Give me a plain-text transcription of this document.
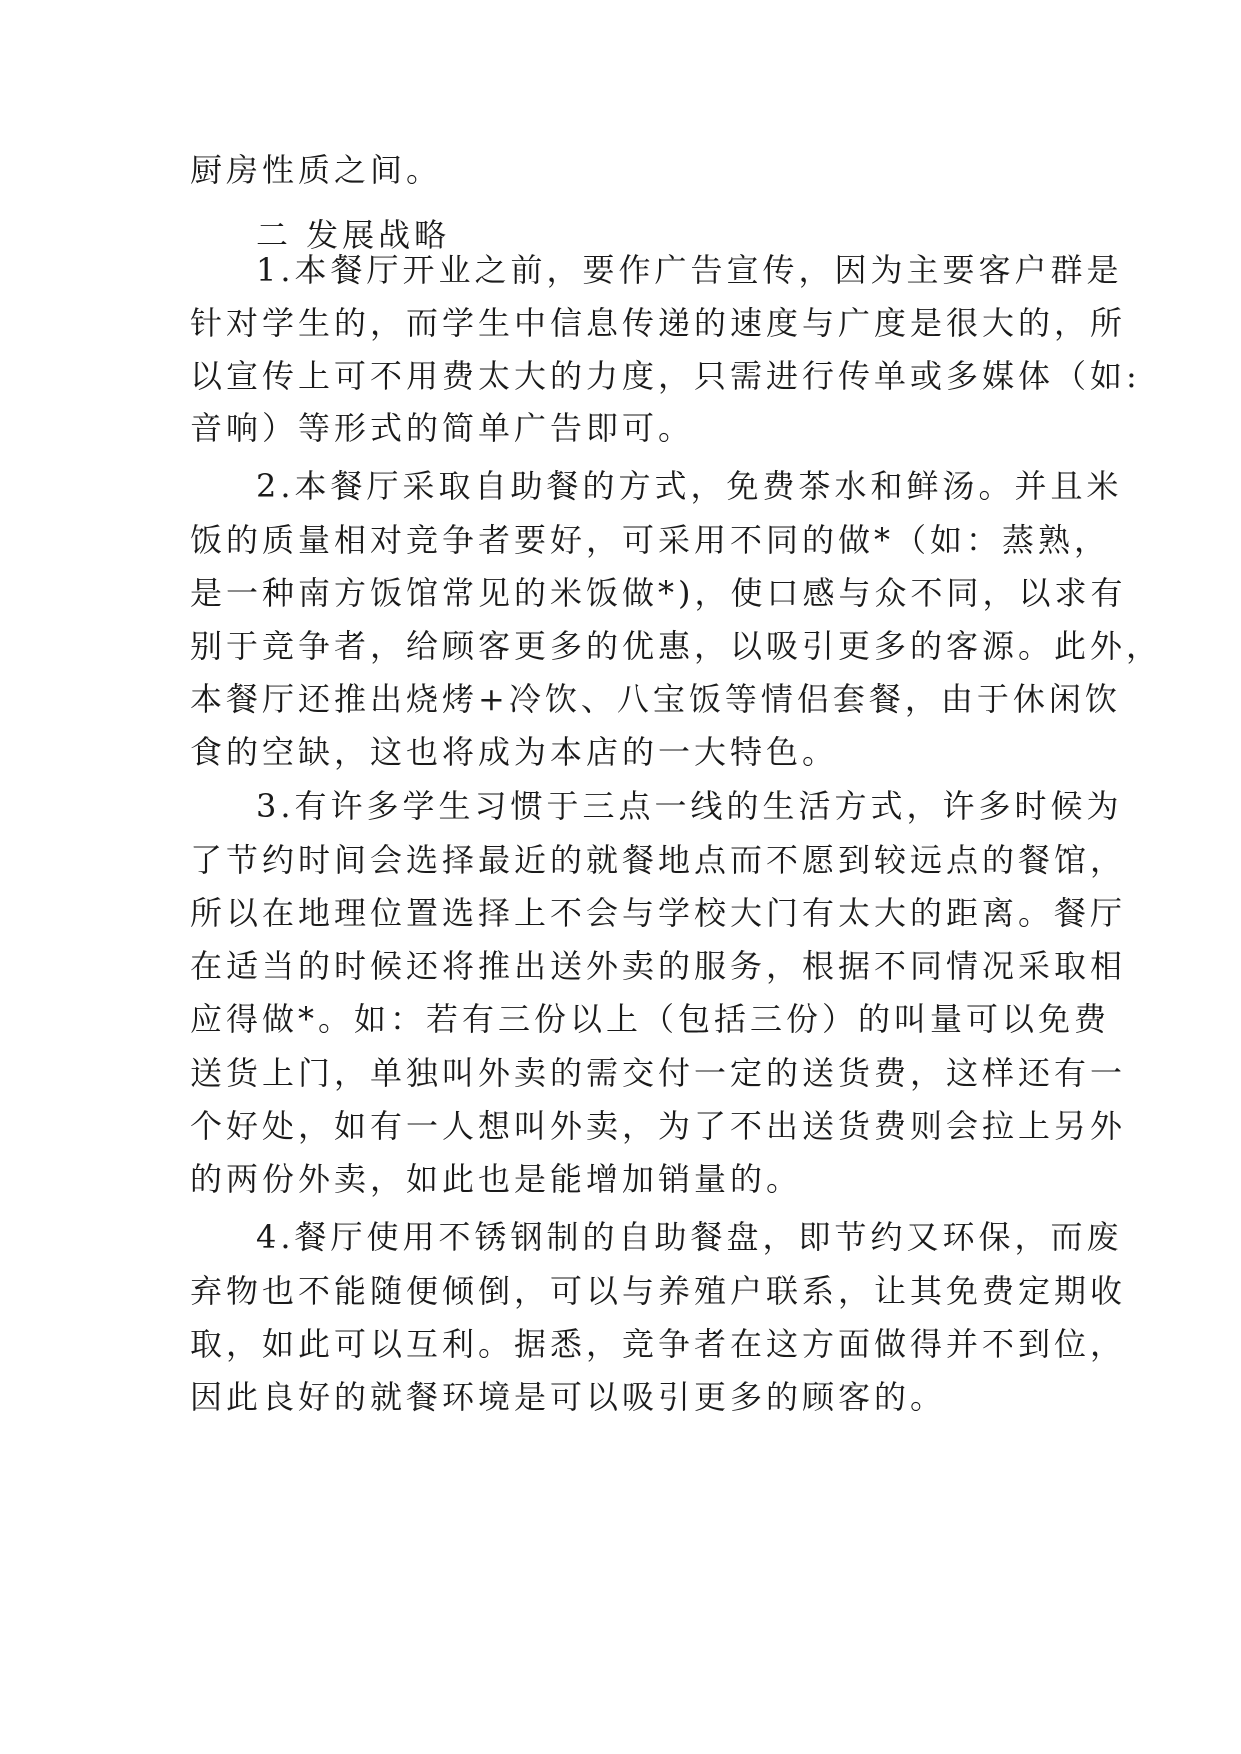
厨房性质之间。
二 发展战略
1.本餐厅开业之前，要作广告宣传，因为主要客户群是
针对学生的，而学生中信息传递的速度与广度是很大的，所
以宣传上可不用费太大的力度，只需进行传单或多媒体（如:
音响）等形式的简单广告即可。
2.本餐厅采取自助餐的方式，免费茶水和鲜汤。并且米
饭的质量相对竞争者要好，可采用不同的做*（如：蒸熟，
是一种南方饭馆常见的米饭做*)，使口感与众不同，以求有
别于竞争者，给顾客更多的优惠，以吸引更多的客源。此外，
本餐厅还推出烧烤+冷饮、八宝饭等情侣套餐，由于休闲饮
食的空缺，这也将成为本店的一大特色。
3.有许多学生习惯于三点一线的生活方式，许多时候为
了节约时间会选择最近的就餐地点而不愿到较远点的餐馆，
所以在地理位置选择上不会与学校大门有太大的距离。餐厅
在适当的时候还将推出送外卖的服务，根据不同情况采取相
应得做*。如：若有三份以上（包括三份）的叫量可以免费
送货上门，单独叫外卖的需交付一定的送货费，这样还有一
个好处，如有一人想叫外卖，为了不出送货费则会拉上另外
的两份外卖，如此也是能增加销量的。
4.餐厅使用不锈钢制的自助餐盘，即节约又环保，而废
弃物也不能随便倾倒，可以与养殖户联系，让其免费定期收
取，如此可以互利。据悉，竞争者在这方面做得并不到位，
因此良好的就餐环境是可以吸引更多的顾客的。
